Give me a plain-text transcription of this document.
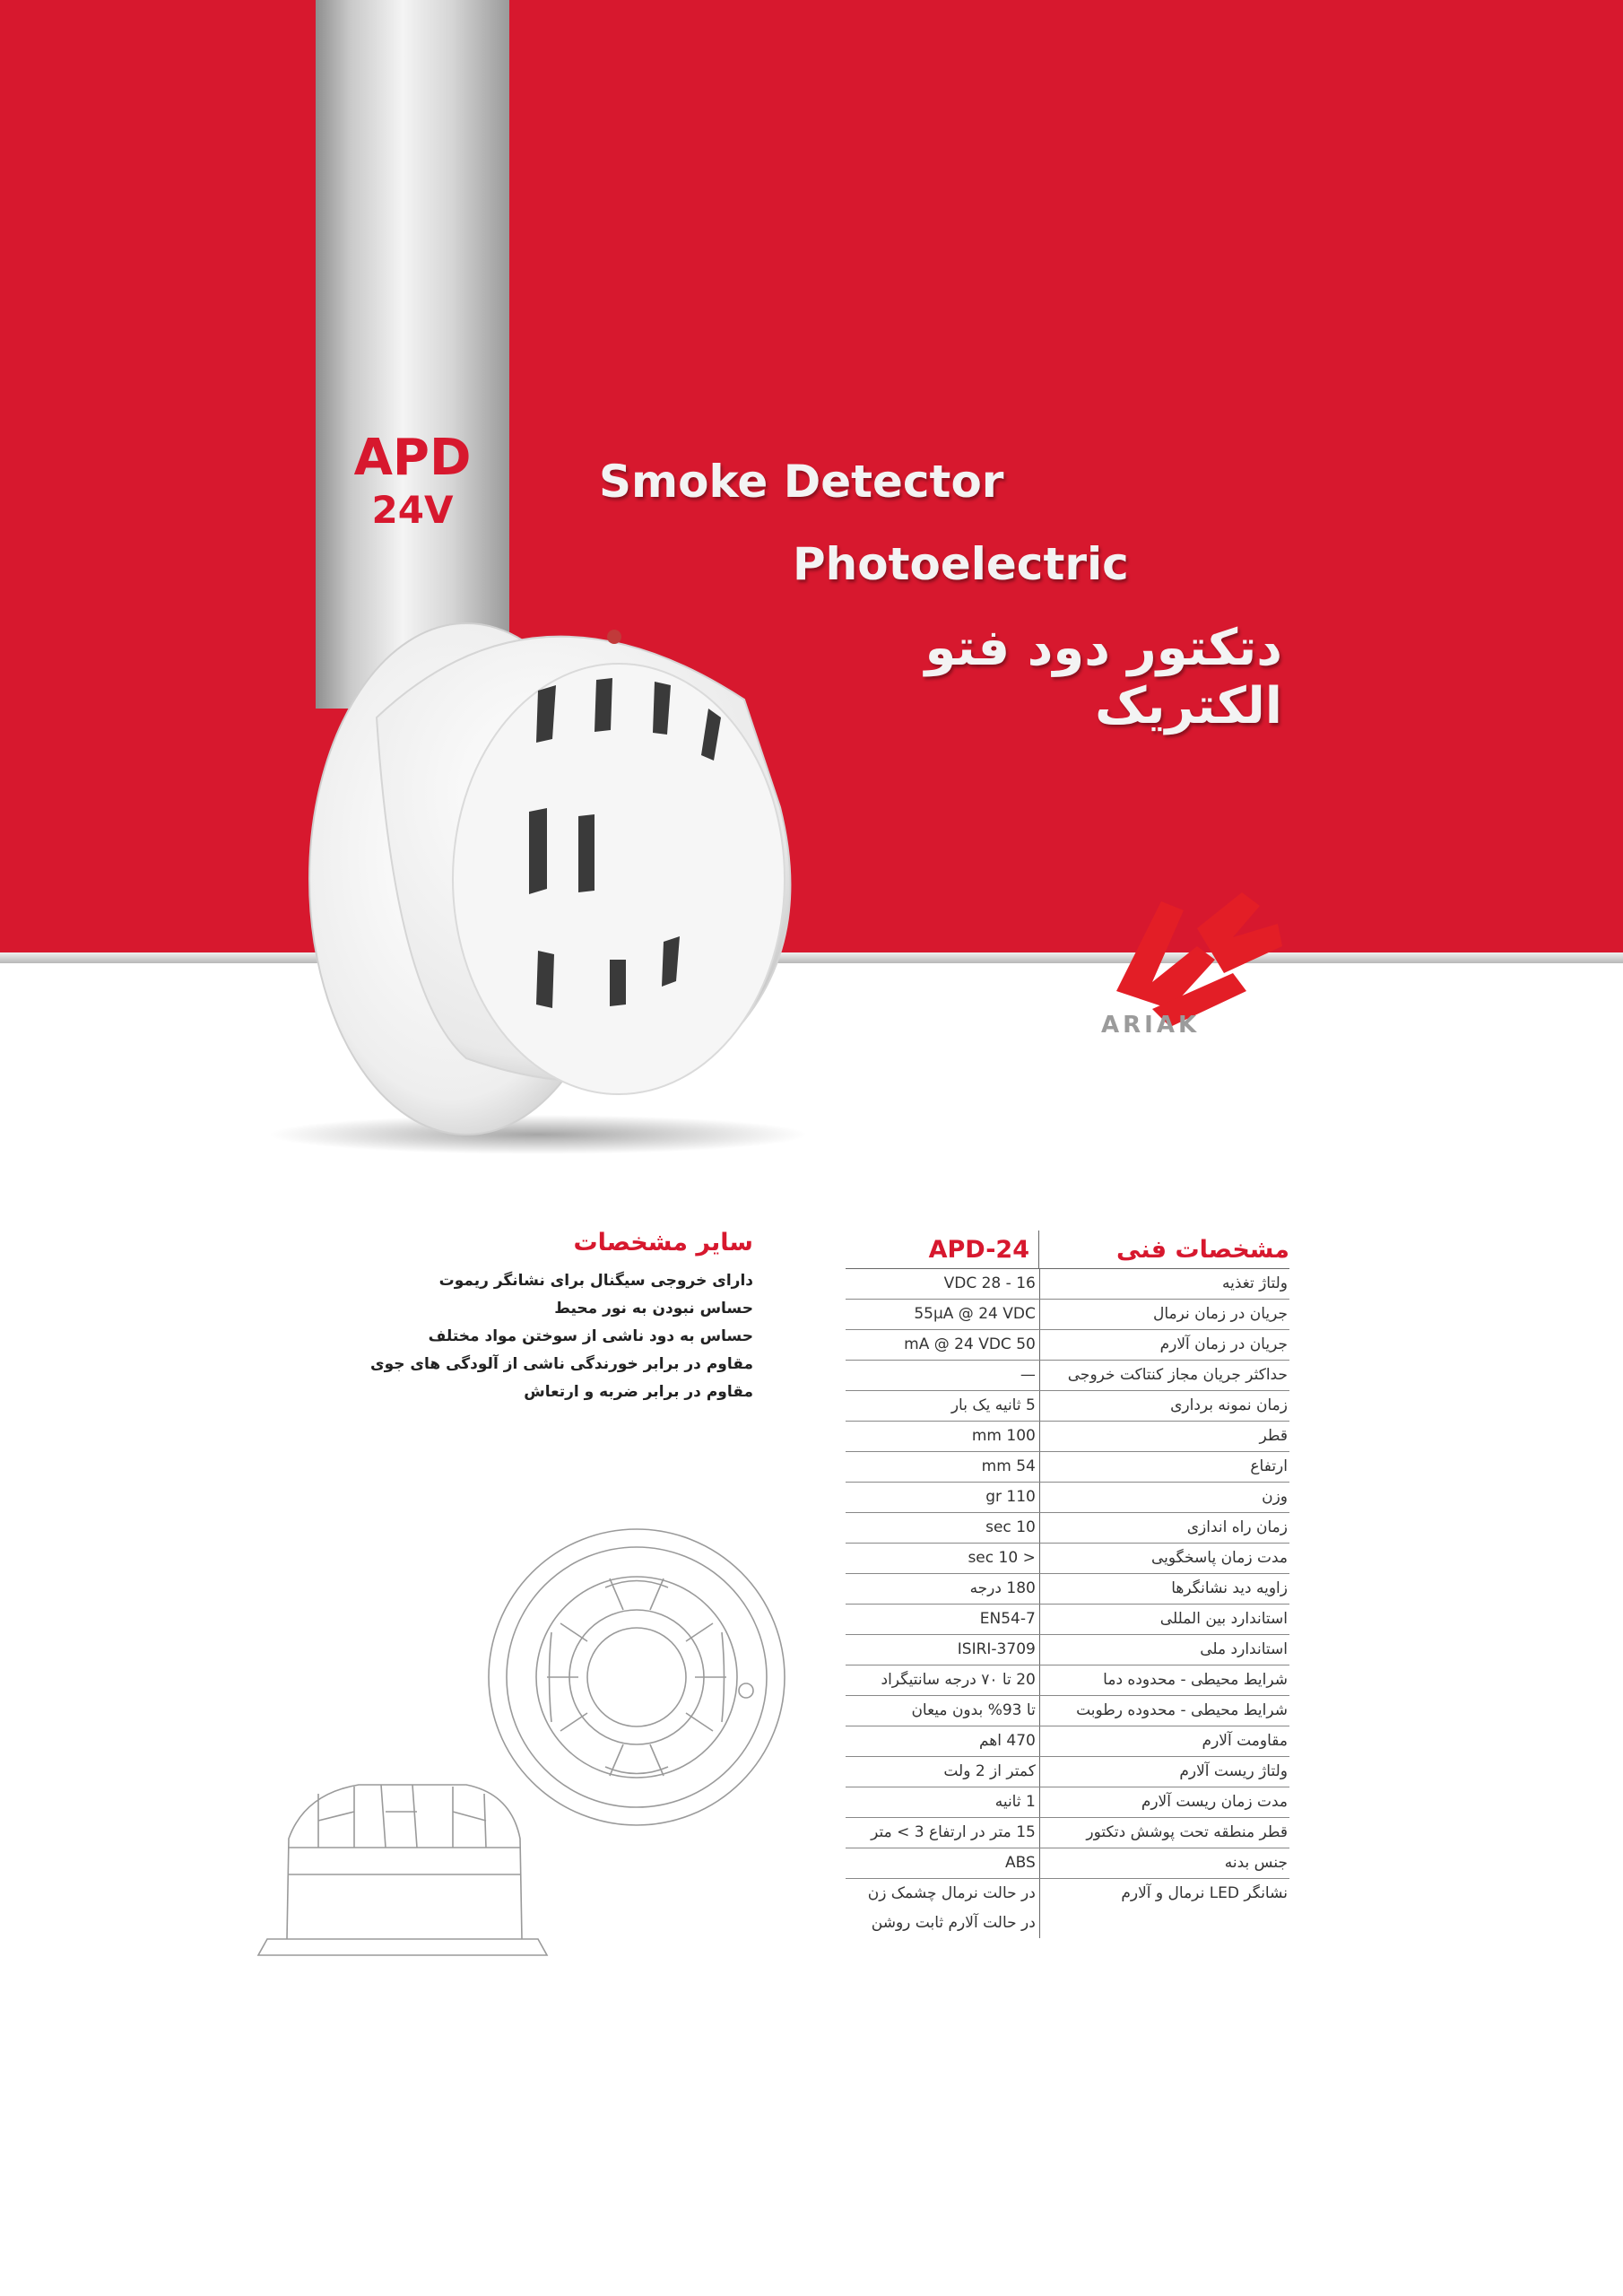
APD
24V
Smoke Detector
Photoelectric
دتکتور دود فتو الکتریک
ARIAK
سایر مشخصات
دارای خروجی سیگنال برای نشانگر ریموت
حساس نبودن به نور محیط
حساس به دود ناشی از سوختن مواد مختلف
مقاوم در برابر خورندگی ناشی از آلودگی های جوی
مقاوم در برابر ضربه و ارتعاش
مشخصات فنی
APD-24
ولتاژ تغذیه
16 - 28 VDC
جریان در زمان نرمال
55μA @ 24 VDC
جریان در زمان آلارم
50 mA @ 24 VDC
حداکثر جریان مجاز کنتاکت خروجی
—
زمان نمونه برداری
5 ثانیه یک بار
قطر
100 mm
ارتفاع
54 mm
وزن
110 gr
زمان راه اندازی
10 sec
مدت زمان پاسخگویی
< 10 sec
زاویه دید نشانگرها
180 درجه
استاندارد بین المللی
EN54-7
استاندارد ملی
ISIRI-3709
شرایط محیطی - محدوده دما
20 تا ۷۰ درجه سانتیگراد
شرایط محیطی - محدوده رطوبت
تا 93% بدون میعان
مقاومت آلارم
470 اهم
ولتاژ ریست آلارم
کمتر از 2 ولت
مدت زمان ریست آلارم
1 ثانیه
قطر منطقه تحت پوشش دتکتور
15 متر در ارتفاع 3 > متر
جنس بدنه
ABS
نشانگر LED نرمال و آلارم
در حالت نرمال چشمک زن
در حالت آلارم ثابت روشن
